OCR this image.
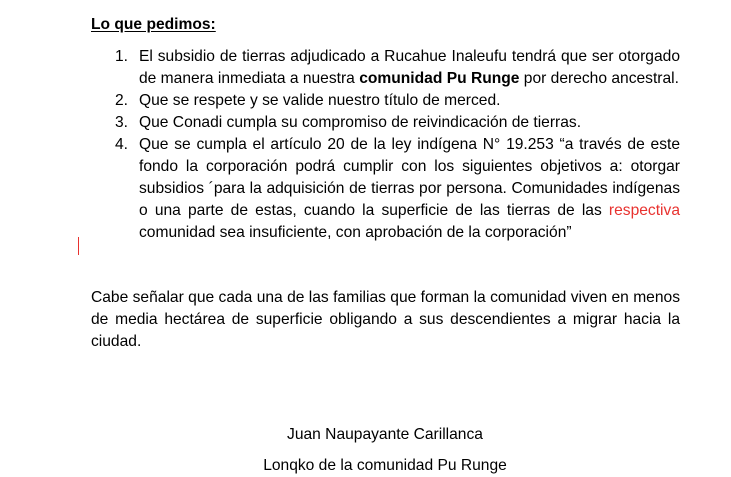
Lo que pedimos:

1. El subsidio de tierras adjudicado a Rucahue Inaleufu tendrá que ser otorgado de manera inmediata a nuestra comunidad Pu Runge por derecho ancestral.
2. Que se respete y se valide nuestro título de merced.
3. Que Conadi cumpla su compromiso de reivindicación de tierras.
4. Que se cumpla el artículo 20 de la ley indígena N° 19.253 “a través de este fondo la corporación podrá cumplir con los siguientes objetivos a: otorgar subsidios ´para la adquisición de tierras por persona. Comunidades indígenas o una parte de estas, cuando la superficie de las tierras de las respectiva comunidad sea insuficiente, con aprobación de la corporación”

Cabe señalar que cada una de las familias que forman la comunidad viven en menos de media hectárea de superficie obligando a sus descendientes a migrar hacia la ciudad.

Juan Naupayante Carillanca

Lonqko de la comunidad Pu Runge
